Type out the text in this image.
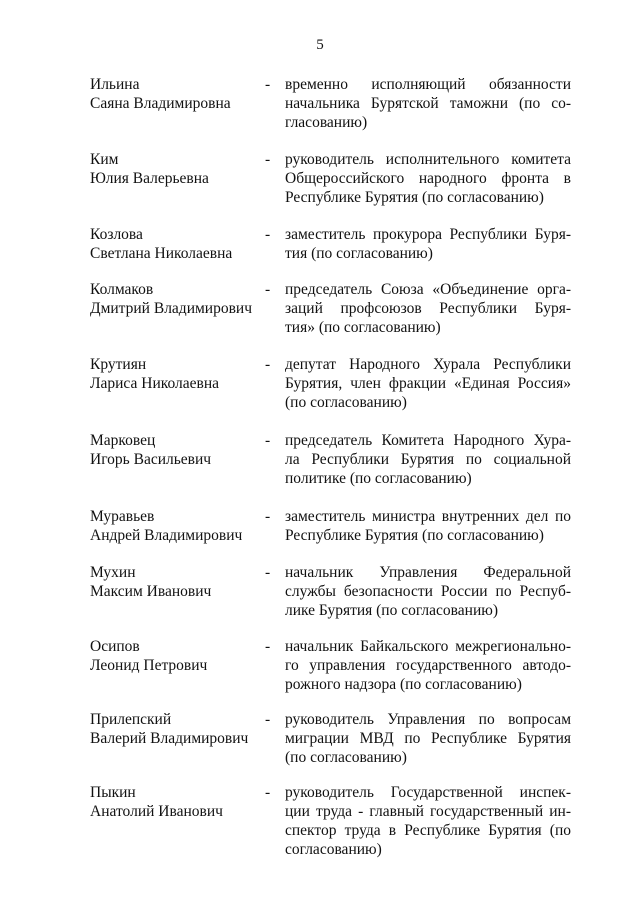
5
Ильина
Саяна Владимировна
- временно исполняющий обязанности
начальника Бурятской таможни (по со-
гласованию)
Ким
Юлия Валерьевна
- руководитель исполнительного комитета
Общероссийского народного фронта в
Республике Бурятия (по согласованию)
Козлова
Светлана Николаевна
- заместитель прокурора Республики Буря-
тия (по согласованию)
Колмаков
Дмитрий Владимирович
- председатель Союза «Объединение орга-
заций профсоюзов Республики Буря-
тия» (по согласованию)
Крутиян
Лариса Николаевна
- депутат Народного Хурала Республики
Бурятия, член фракции «Единая Россия»
(по согласованию)
Марковец
Игорь Васильевич
- председатель Комитета Народного Хура-
ла Республики Бурятия по социальной
политике (по согласованию)
Муравьев
Андрей Владимирович
- заместитель министра внутренних дел по
Республике Бурятия (по согласованию)
Мухин
Максим Иванович
- начальник Управления Федеральной
службы безопасности России по Респуб-
лике Бурятия (по согласованию)
Осипов
Леонид Петрович
- начальник Байкальского межрегионально-
го управления государственного автодо-
рожного надзора (по согласованию)
Прилепский
Валерий Владимирович
- руководитель Управления по вопросам
миграции МВД по Республике Бурятия
(по согласованию)
Пыкин
Анатолий Иванович
- руководитель Государственной инспек-
ции труда - главный государственный ин-
спектор труда в Республике Бурятия (по
согласованию)
